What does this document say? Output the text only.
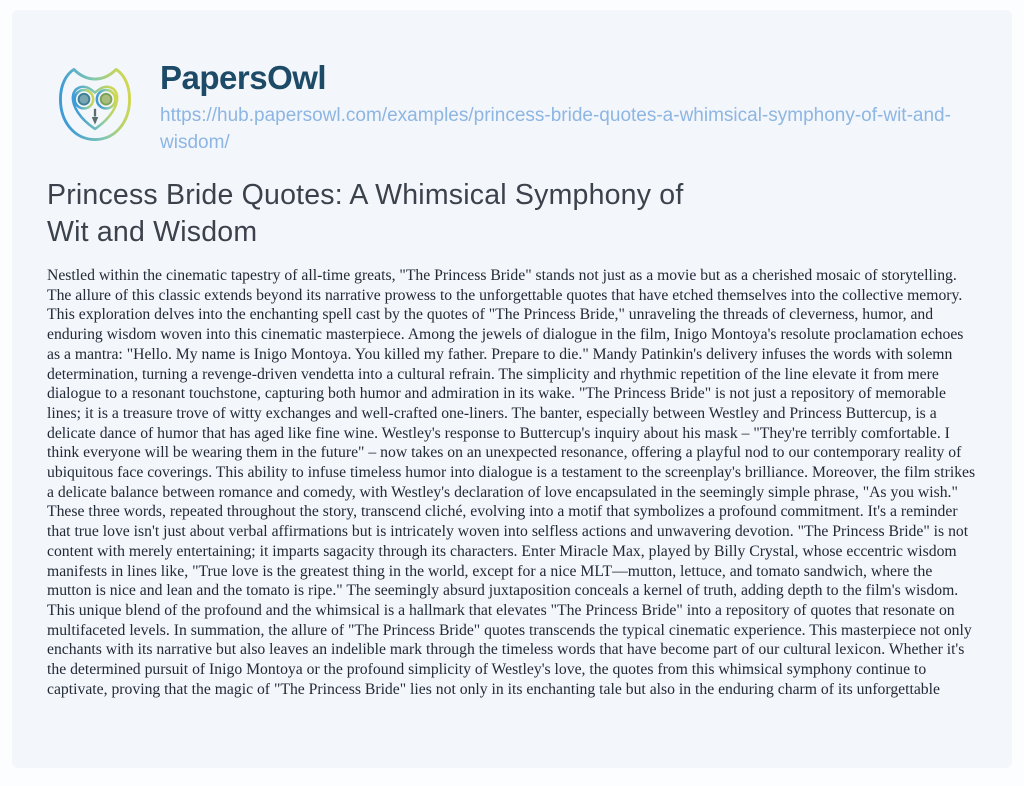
PapersOwl
https://hub.papersowl.com/examples/princess-bride-quotes-a-whimsical-symphony-of-wit-and-wisdom/
Princess Bride Quotes: A Whimsical Symphony of Wit and Wisdom

Nestled within the cinematic tapestry of all-time greats, "The Princess Bride" stands not just as a movie but as a cherished mosaic of storytelling. The allure of this classic extends beyond its narrative prowess to the unforgettable quotes that have etched themselves into the collective memory. This exploration delves into the enchanting spell cast by the quotes of "The Princess Bride," unraveling the threads of cleverness, humor, and enduring wisdom woven into this cinematic masterpiece. Among the jewels of dialogue in the film, Inigo Montoya's resolute proclamation echoes as a mantra: "Hello. My name is Inigo Montoya. You killed my father. Prepare to die." Mandy Patinkin's delivery infuses the words with solemn determination, turning a revenge-driven vendetta into a cultural refrain. The simplicity and rhythmic repetition of the line elevate it from mere dialogue to a resonant touchstone, capturing both humor and admiration in its wake. "The Princess Bride" is not just a repository of memorable lines; it is a treasure trove of witty exchanges and well-crafted one-liners. The banter, especially between Westley and Princess Buttercup, is a delicate dance of humor that has aged like fine wine. Westley's response to Buttercup's inquiry about his mask – "They're terribly comfortable. I think everyone will be wearing them in the future" – now takes on an unexpected resonance, offering a playful nod to our contemporary reality of ubiquitous face coverings. This ability to infuse timeless humor into dialogue is a testament to the screenplay's brilliance. Moreover, the film strikes a delicate balance between romance and comedy, with Westley's declaration of love encapsulated in the seemingly simple phrase, "As you wish." These three words, repeated throughout the story, transcend cliché, evolving into a motif that symbolizes a profound commitment. It's a reminder that true love isn't just about verbal affirmations but is intricately woven into selfless actions and unwavering devotion. "The Princess Bride" is not content with merely entertaining; it imparts sagacity through its characters. Enter Miracle Max, played by Billy Crystal, whose eccentric wisdom manifests in lines like, "True love is the greatest thing in the world, except for a nice MLT—mutton, lettuce, and tomato sandwich, where the mutton is nice and lean and the tomato is ripe." The seemingly absurd juxtaposition conceals a kernel of truth, adding depth to the film's wisdom. This unique blend of the profound and the whimsical is a hallmark that elevates "The Princess Bride" into a repository of quotes that resonate on multifaceted levels. In summation, the allure of "The Princess Bride" quotes transcends the typical cinematic experience. This masterpiece not only enchants with its narrative but also leaves an indelible mark through the timeless words that have become part of our cultural lexicon. Whether it's the determined pursuit of Inigo Montoya or the profound simplicity of Westley's love, the quotes from this whimsical symphony continue to captivate, proving that the magic of "The Princess Bride" lies not only in its enchanting tale but also in the enduring charm of its unforgettable
